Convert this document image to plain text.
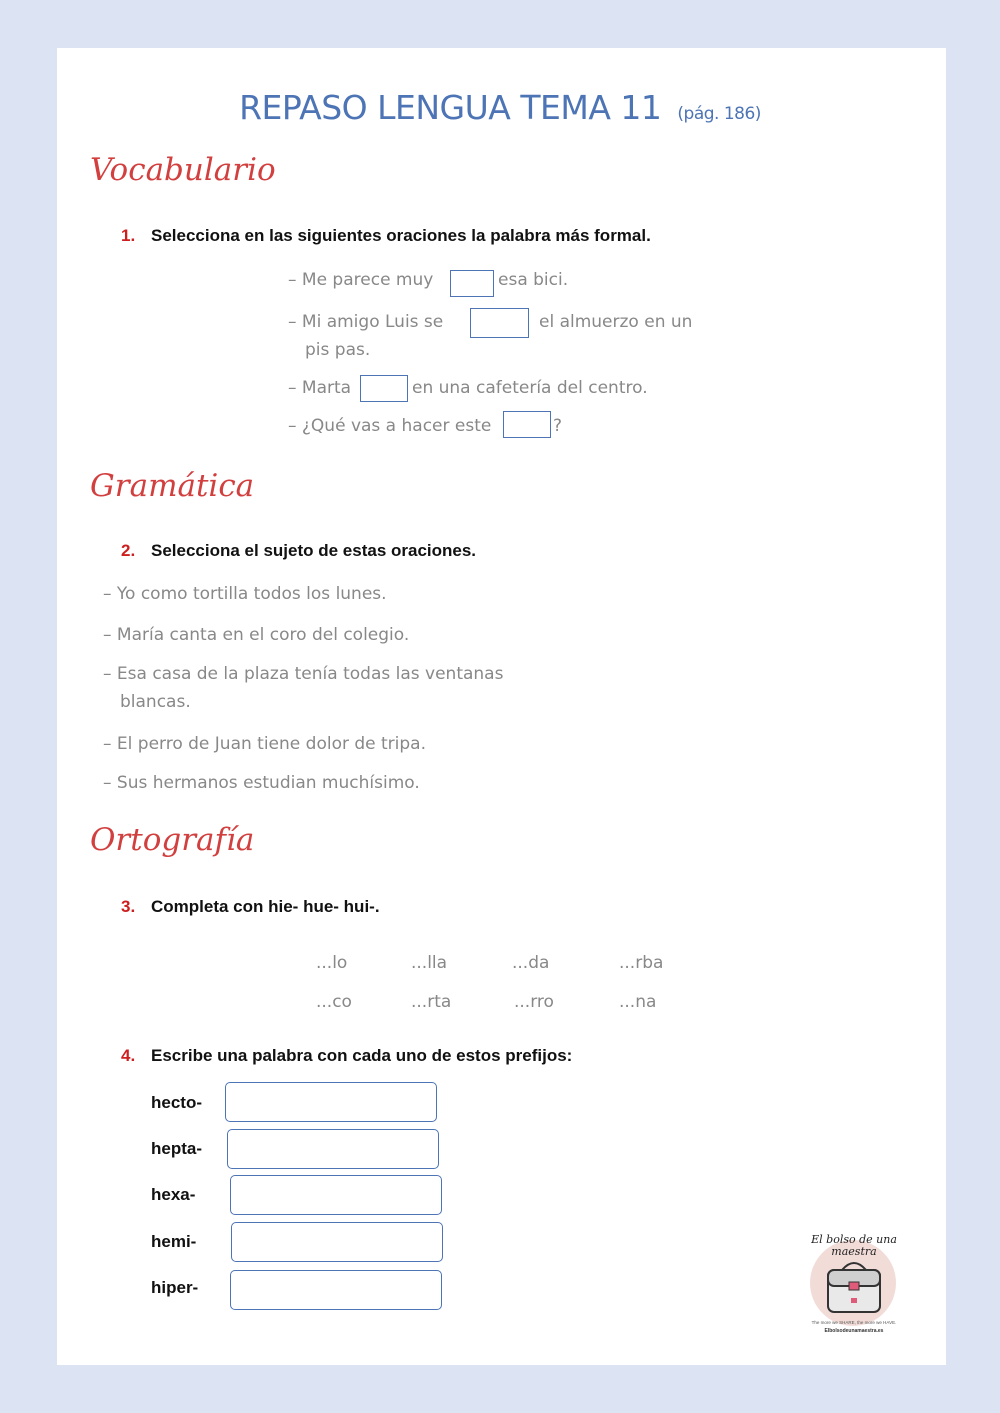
REPASO LENGUA TEMA 11 (pág. 186)
Vocabulario
1. Selecciona en las siguientes oraciones la palabra más formal.
– Me parece muy	esa bici.
– Mi amigo Luis se	el almuerzo en un
pis pas.
– Marta	en una cafetería del centro.
– ¿Qué vas a hacer este	?
Gramática
2. Selecciona el sujeto de estas oraciones.
– Yo como tortilla todos los lunes.
– María canta en el coro del colegio.
– Esa casa de la plaza tenía todas las ventanas
blancas.
– El perro de Juan tiene dolor de tripa.
– Sus hermanos estudian muchísimo.
Ortografía
3. Completa con hie- hue- hui-.
...lo	...lla	...da	...rba
...co	...rta	...rro	...na
4. Escribe una palabra con cada uno de estos prefijos:
hecto-
hepta-
hexa-
hemi-
hiper-
El bolso de una maestra
The more we SHARE, the more we HAVE.
Elbolsodeunamaestra.es
